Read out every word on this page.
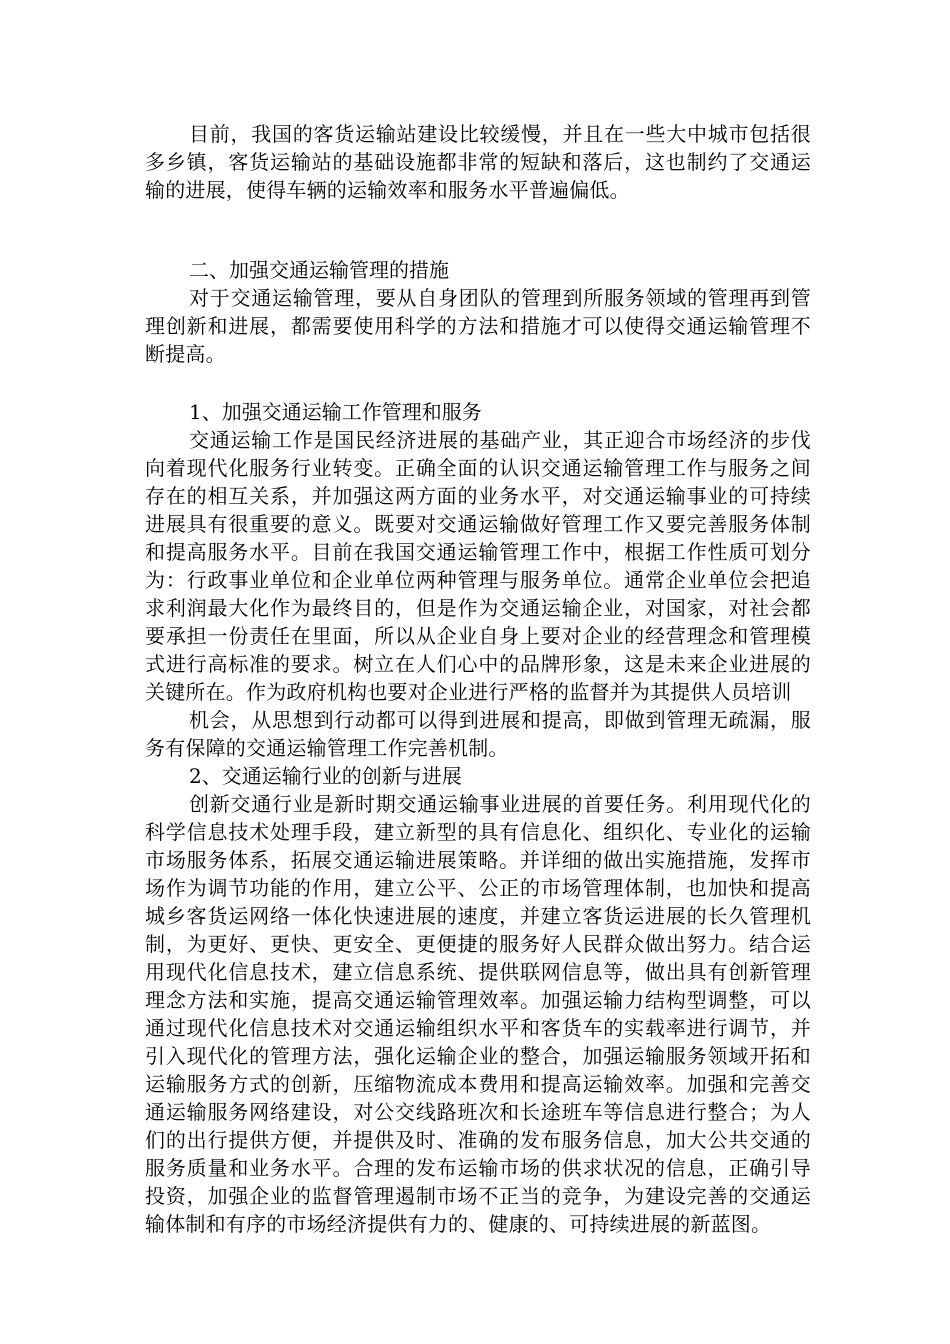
目前，我国的客货运输站建设比较缓慢，并且在一些大中城市包括很多乡镇，客货运输站的基础设施都非常的短缺和落后，这也制约了交通运输的进展，使得车辆的运输效率和服务水平普遍偏低。

二、加强交通运输管理的措施

对于交通运输管理，要从自身团队的管理到所服务领域的管理再到管理创新和进展，都需要使用科学的方法和措施才可以使得交通运输管理不断提高。

1、加强交通运输工作管理和服务

交通运输工作是国民经济进展的基础产业，其正迎合市场经济的步伐向着现代化服务行业转变。正确全面的认识交通运输管理工作与服务之间存在的相互关系，并加强这两方面的业务水平，对交通运输事业的可持续进展具有很重要的意义。既要对交通运输做好管理工作又要完善服务体制和提高服务水平。目前在我国交通运输管理工作中，根据工作性质可划分为：行政事业单位和企业单位两种管理与服务单位。通常企业单位会把追求利润最大化作为最终目的，但是作为交通运输企业，对国家，对社会都要承担一份责任在里面，所以从企业自身上要对企业的经营理念和管理模式进行高标准的要求。树立在人们心中的品牌形象，这是未来企业进展的关键所在。作为政府机构也要对企业进行严格的监督并为其提供人员培训

机会，从思想到行动都可以得到进展和提高，即做到管理无疏漏，服务有保障的交通运输管理工作完善机制。

2、交通运输行业的创新与进展

创新交通行业是新时期交通运输事业进展的首要任务。利用现代化的科学信息技术处理手段，建立新型的具有信息化、组织化、专业化的运输市场服务体系，拓展交通运输进展策略。并详细的做出实施措施，发挥市场作为调节功能的作用，建立公平、公正的市场管理体制，也加快和提高城乡客货运网络一体化快速进展的速度，并建立客货运进展的长久管理机制，为更好、更快、更安全、更便捷的服务好人民群众做出努力。结合运用现代化信息技术，建立信息系统、提供联网信息等，做出具有创新管理理念方法和实施，提高交通运输管理效率。加强运输力结构型调整，可以通过现代化信息技术对交通运输组织水平和客货车的实载率进行调节，并引入现代化的管理方法，强化运输企业的整合，加强运输服务领域开拓和运输服务方式的创新，压缩物流成本费用和提高运输效率。加强和完善交通运输服务网络建设，对公交线路班次和长途班车等信息进行整合；为人们的出行提供方便，并提供及时、准确的发布服务信息，加大公共交通的服务质量和业务水平。合理的发布运输市场的供求状况的信息，正确引导投资，加强企业的监督管理遏制市场不正当的竞争，为建设完善的交通运输体制和有序的市场经济提供有力的、健康的、可持续进展的新蓝图。
